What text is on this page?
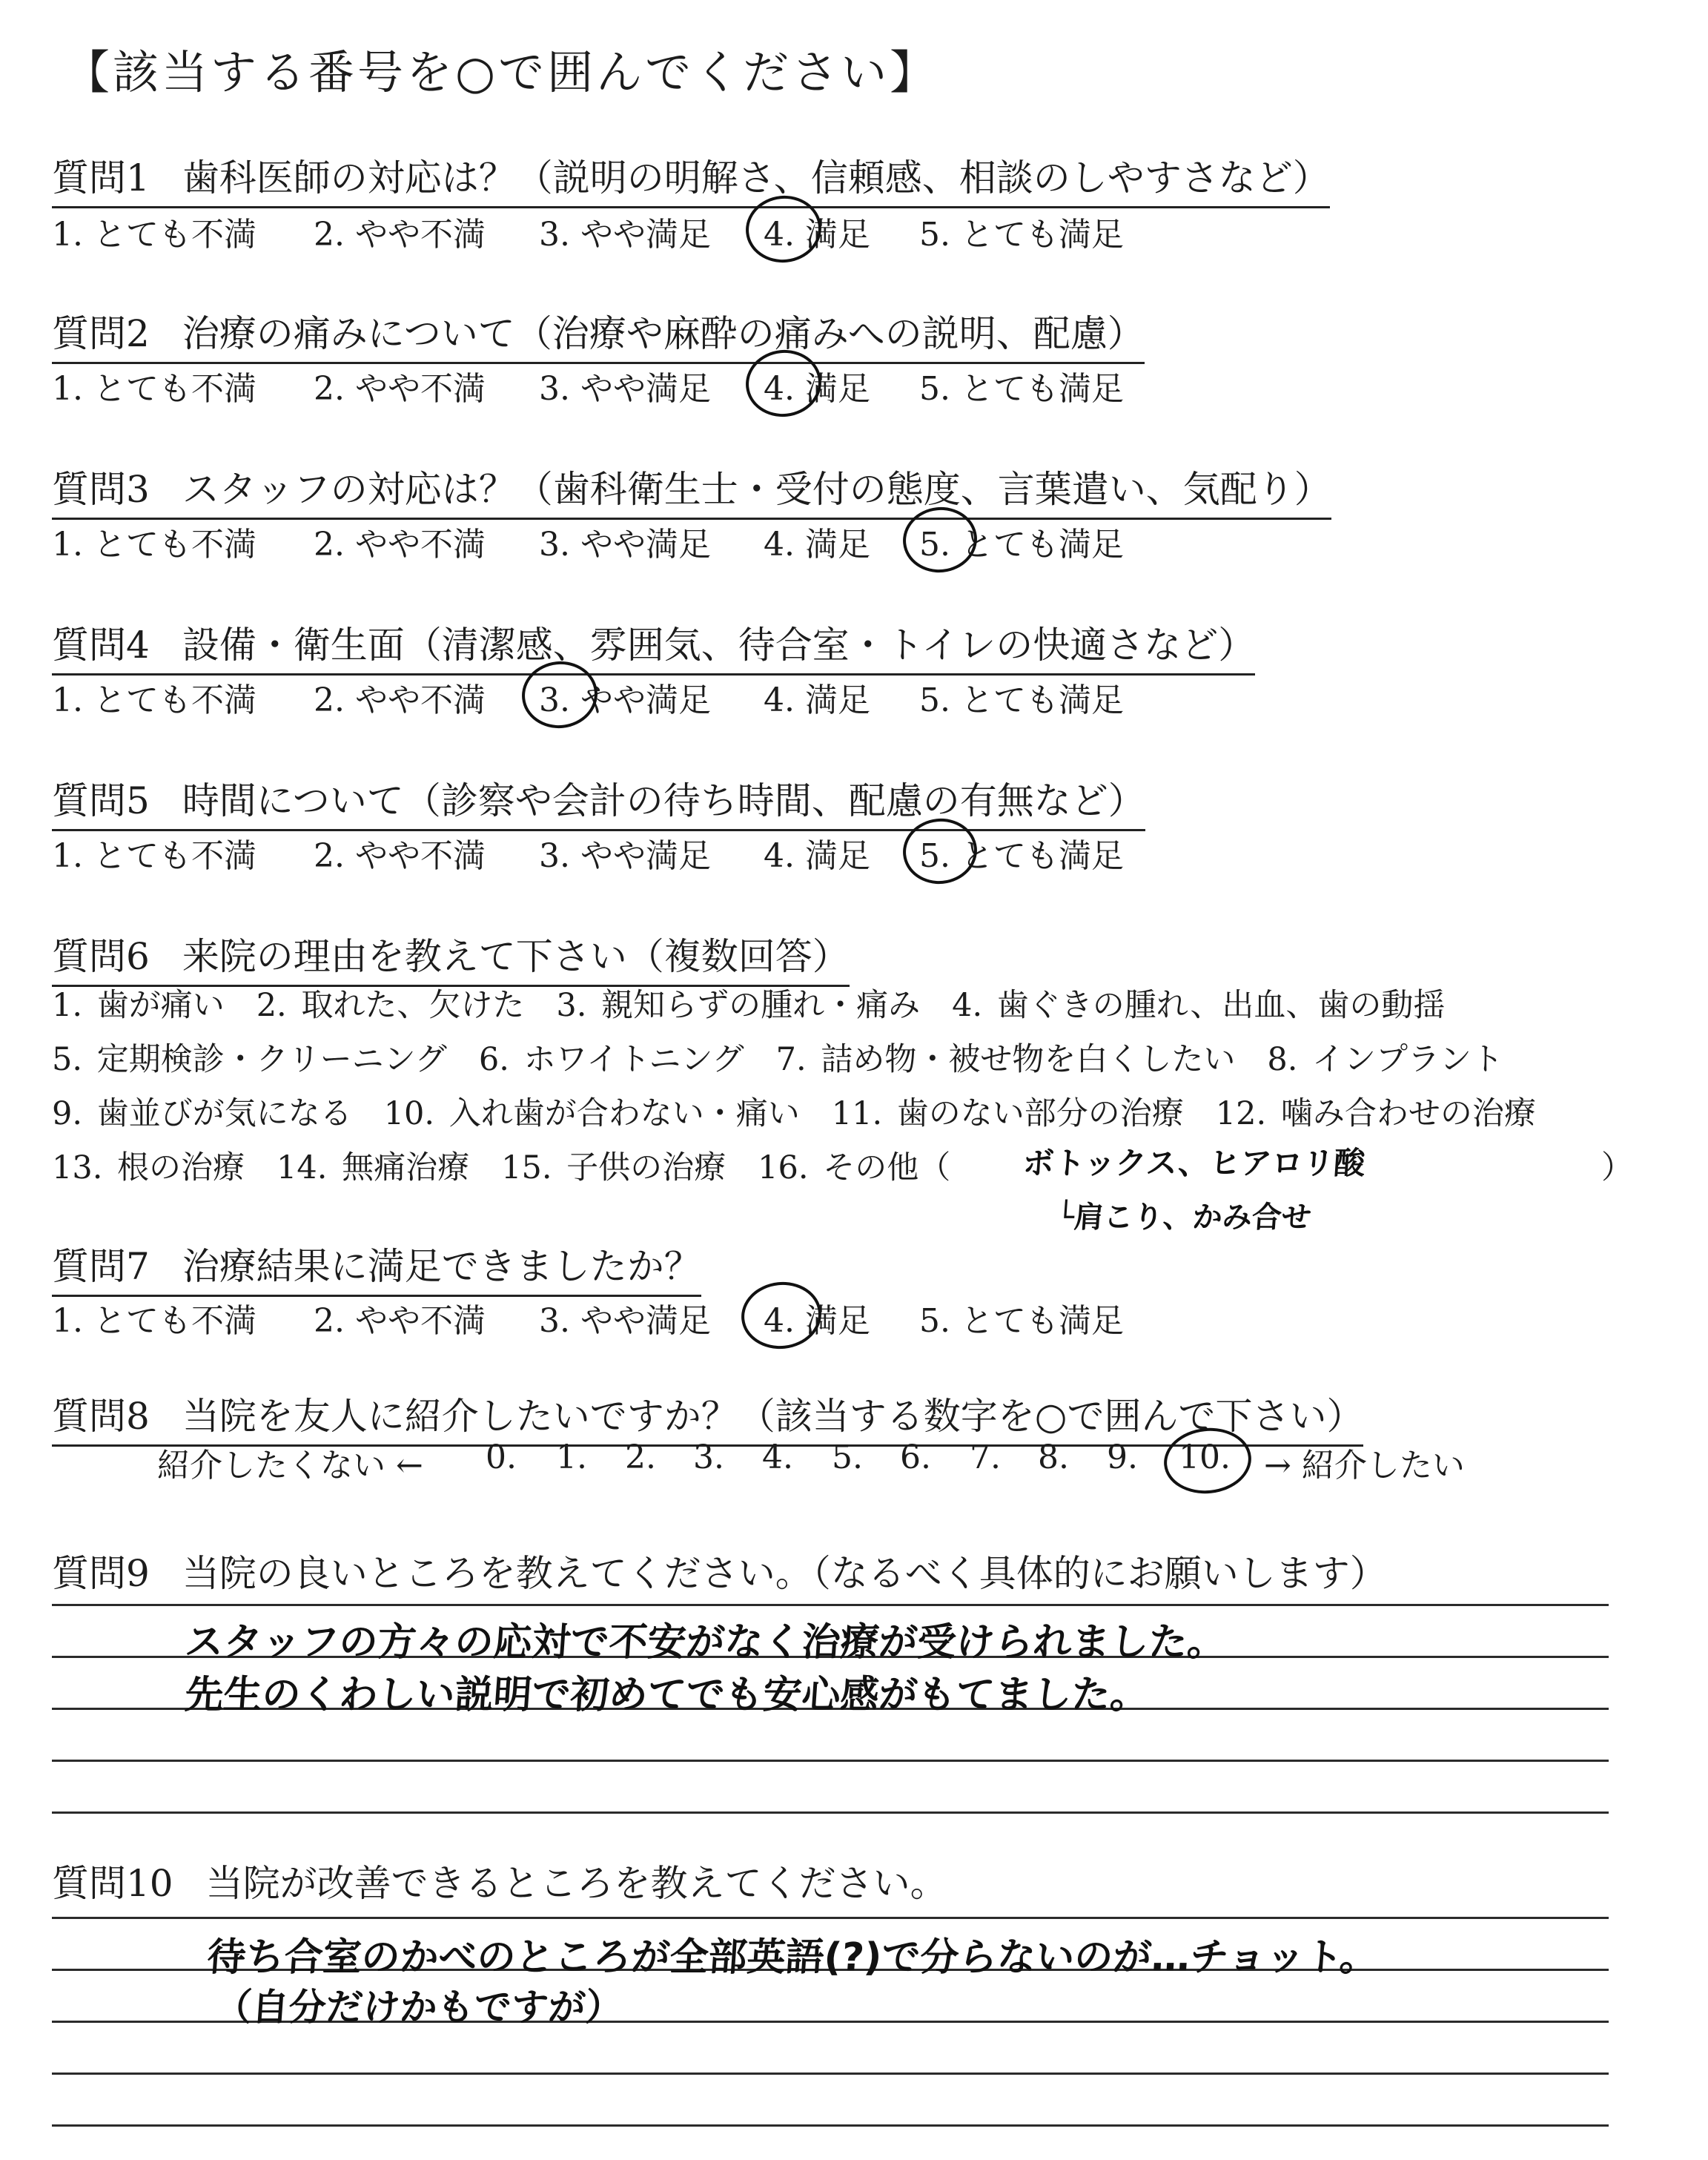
【該当する番号を○で囲んでください】
質問1 歯科医師の対応は？（説明の明解さ、信頼感、相談のしやすさなど）
1. とても不満 2. やや不満 3. やや満足 4. 満足 5. とても満足
質問2 治療の痛みについて（治療や麻酔の痛みへの説明、配慮）
1. とても不満 2. やや不満 3. やや満足 4. 満足 5. とても満足
質問3 スタッフの対応は？（歯科衛生士・受付の態度、言葉遣い、気配り）
1. とても不満 2. やや不満 3. やや満足 4. 満足 5. とても満足
質問4 設備・衛生面（清潔感、雰囲気、待合室・トイレの快適さなど）
1. とても不満 2. やや不満 3. やや満足 4. 満足 5. とても満足
質問5 時間について（診察や会計の待ち時間、配慮の有無など）
1. とても不満 2. やや不満 3. やや満足 4. 満足 5. とても満足
質問6 来院の理由を教えて下さい（複数回答）
1. 歯が痛い　2. 取れた、欠けた　3. 親知らずの腫れ・痛み　4. 歯ぐきの腫れ、出血、歯の動揺
5. 定期検診・クリーニング　6. ホワイトニング　7. 詰め物・被せ物を白くしたい　8. インプラント
9. 歯並びが気になる　10. 入れ歯が合わない・痛い　11. 歯のない部分の治療　12. 噛み合わせの治療
13. 根の治療　14. 無痛治療　15. 子供の治療　16. その他（	）
ボトックス、ヒアロリ酸
└肩こり、かみ合せ
質問7 治療結果に満足できましたか？
1. とても不満 2. やや不満 3. やや満足 4. 満足 5. とても満足
質問8 当院を友人に紹介したいですか？（該当する数字を○で囲んで下さい）
紹介したくない ← 0. 1. 2. 3. 4. 5. 6. 7. 8. 9. 10. → 紹介したい
質問9 当院の良いところを教えてください。（なるべく具体的にお願いします）
スタッフの方々の応対で不安がなく治療が受けられました。
先生のくわしい説明で初めてでも安心感がもてました。
質問10 当院が改善できるところを教えてください。
待ち合室のかべのところが全部英語(?)で分らないのが…チョット。
（自分だけかもですが）
